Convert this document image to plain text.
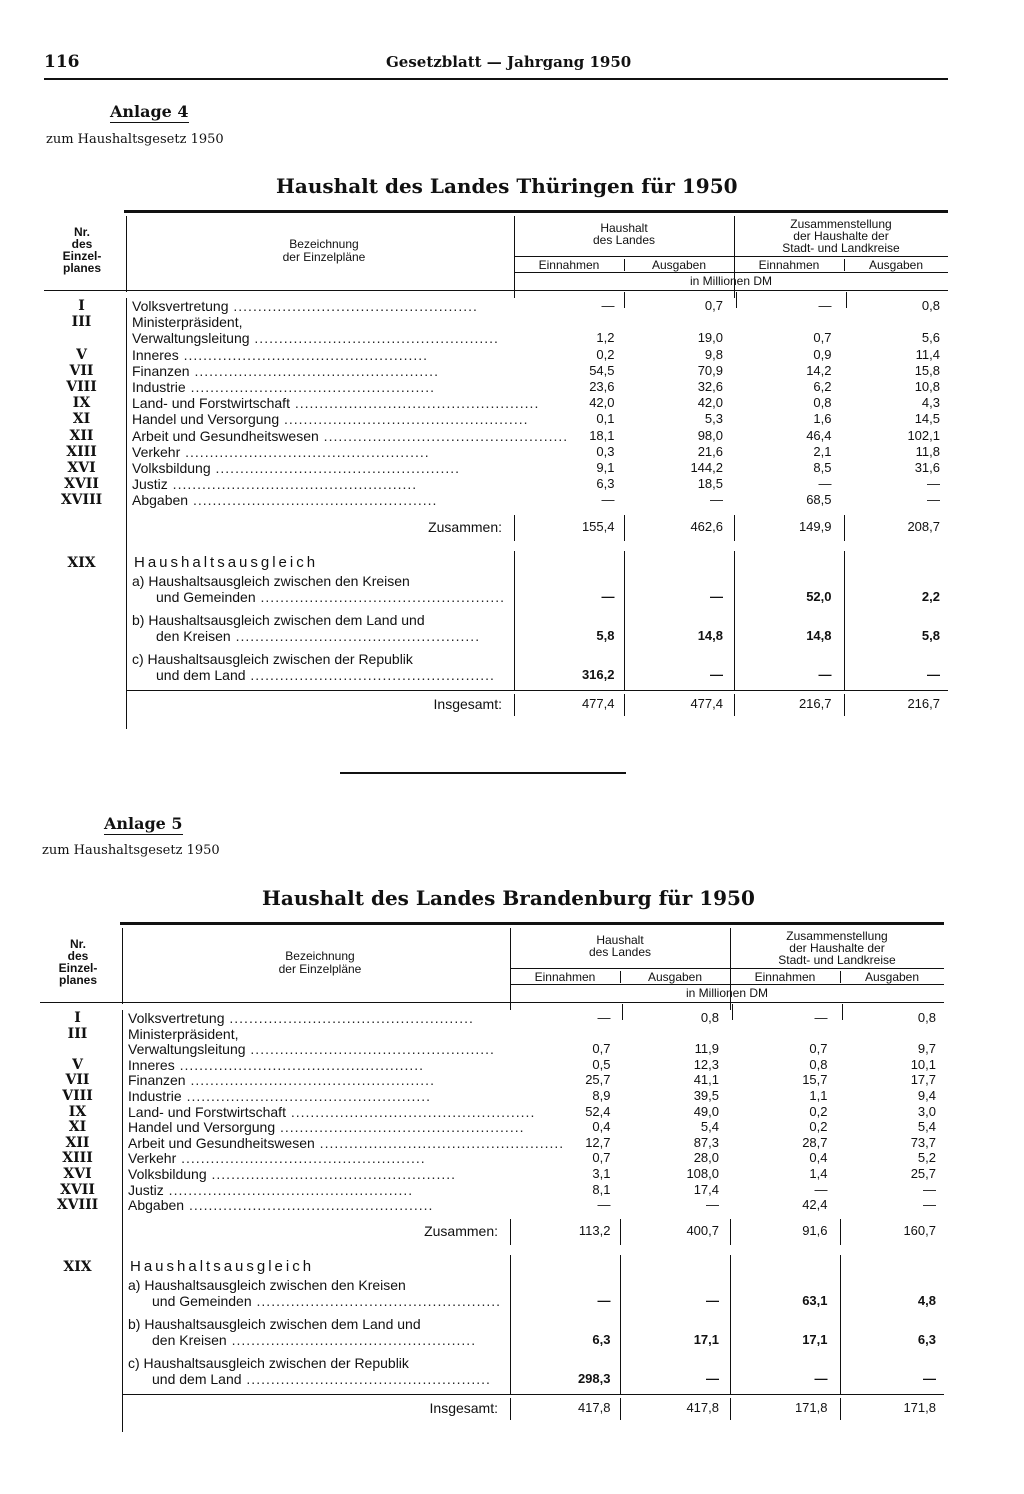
116	Gesetzblatt — Jahrgang 1950
Anlage 4
zum Haushaltsgesetz 1950
Haushalt des Landes Thüringen für 1950
Nr.
des
Einzel-
planes
Bezeichnung
der Einzelpläne
Haushalt
des Landes
Zusammenstellung
der Haushalte der
Stadt- und Landkreise
Einnahmen	Ausgaben	Einnahmen	Ausgaben
in Millionen DM
I	Volksvertretung ..................................................	—	0,7	—	0,8
III	Ministerpräsident,
Verwaltungsleitung ..................................................	1,2	19,0	0,7	5,6
V	Inneres ..................................................	0,2	9,8	0,9	11,4
VII	Finanzen ..................................................	54,5	70,9	14,2	15,8
VIII	Industrie ..................................................	23,6	32,6	6,2	10,8
IX	Land- und Forstwirtschaft ..................................................	42,0	42,0	0,8	4,3
XI	Handel und Versorgung ..................................................	0,1	5,3	1,6	14,5
XII	Arbeit und Gesundheitswesen ..................................................	18,1	98,0	46,4	102,1
XIII	Verkehr ..................................................	0,3	21,6	2,1	11,8
XVI	Volksbildung ..................................................	9,1	144,2	8,5	31,6
XVII	Justiz ..................................................	6,3	18,5	—	—
XVIII	Abgaben ..................................................	—	—	68,5	—
Zusammen:	155,4	462,6	149,9	208,7
XIX	Haushaltsausgleich
a) Haushaltsausgleich zwischen den Kreisen
und Gemeinden ..................................................	—	—	52,0	2,2
b) Haushaltsausgleich zwischen dem Land und
den Kreisen ..................................................	5,8	14,8	14,8	5,8
c) Haushaltsausgleich zwischen der Republik
und dem Land ..................................................	316,2	—	—	—
Insgesamt:	477,4	477,4	216,7	216,7
Anlage 5
zum Haushaltsgesetz 1950
Haushalt des Landes Brandenburg für 1950
Nr.
des
Einzel-
planes
Bezeichnung
der Einzelpläne
Haushalt
des Landes
Zusammenstellung
der Haushalte der
Stadt- und Landkreise
Einnahmen	Ausgaben	Einnahmen	Ausgaben
in Millionen DM
I	Volksvertretung ..................................................	—	0,8	—	0,8
III	Ministerpräsident,
Verwaltungsleitung ..................................................	0,7	11,9	0,7	9,7
V	Inneres ..................................................	0,5	12,3	0,8	10,1
VII	Finanzen ..................................................	25,7	41,1	15,7	17,7
VIII	Industrie ..................................................	8,9	39,5	1,1	9,4
IX	Land- und Forstwirtschaft ..................................................	52,4	49,0	0,2	3,0
XI	Handel und Versorgung ..................................................	0,4	5,4	0,2	5,4
XII	Arbeit und Gesundheitswesen ..................................................	12,7	87,3	28,7	73,7
XIII	Verkehr ..................................................	0,7	28,0	0,4	5,2
XVI	Volksbildung ..................................................	3,1	108,0	1,4	25,7
XVII	Justiz ..................................................	8,1	17,4	—	—
XVIII	Abgaben ..................................................	—	—	42,4	—
Zusammen:	113,2	400,7	91,6	160,7
XIX	Haushaltsausgleich
a) Haushaltsausgleich zwischen den Kreisen
und Gemeinden ..................................................	—	—	63,1	4,8
b) Haushaltsausgleich zwischen dem Land und
den Kreisen ..................................................	6,3	17,1	17,1	6,3
c) Haushaltsausgleich zwischen der Republik
und dem Land ..................................................	298,3	—	—	—
Insgesamt:	417,8	417,8	171,8	171,8
